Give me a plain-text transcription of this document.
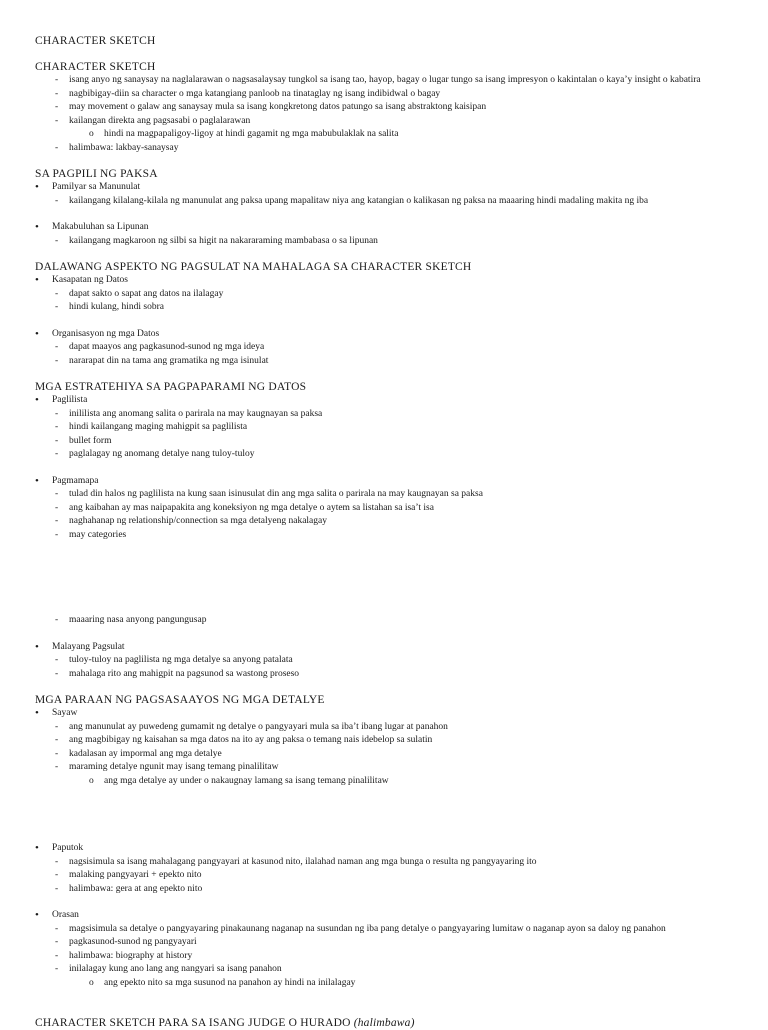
CHARACTER SKETCH
CHARACTER SKETCH
- isang anyo ng sanaysay na naglalarawan o nagsasalaysay tungkol sa isang tao, hayop, bagay o lugar tungo sa isang impresyon o kakintalan o kaya’y insight o kabatira
- nagbibigay-diin sa character o mga katangiang panloob na tinataglay ng isang indibidwal o bagay
- may movement o galaw ang sanaysay mula sa isang kongkretong datos patungo sa isang abstraktong kaisipan
- kailangan direkta ang pagsasabi o paglalarawan
o hindi na magpapaligoy-ligoy at hindi gagamit ng mga mabubulaklak na salita
- halimbawa: lakbay-sanaysay
SA PAGPILI NG PAKSA
• Pamilyar sa Manunulat
- kailangang kilalang-kilala ng manunulat ang paksa upang mapalitaw niya ang katangian o kalikasan ng paksa na maaaring hindi madaling makita ng iba
• Makabuluhan sa Lipunan
- kailangang magkaroon ng silbi sa higit na nakararaming mambabasa o sa lipunan
DALAWANG ASPEKTO NG PAGSULAT NA MAHALAGA SA CHARACTER SKETCH
• Kasapatan ng Datos
- dapat sakto o sapat ang datos na ilalagay
- hindi kulang, hindi sobra
• Organisasyon ng mga Datos
- dapat maayos ang pagkasunod-sunod ng mga ideya
- nararapat din na tama ang gramatika ng mga isinulat
MGA ESTRATEHIYA SA PAGPAPARAMI NG DATOS
• Paglilista
- inililista ang anomang salita o parirala na may kaugnayan sa paksa
- hindi kailangang maging mahigpit sa paglilista
- bullet form
- paglalagay ng anomang detalye nang tuloy-tuloy
• Pagmamapa
- tulad din halos ng paglilista na kung saan isinusulat din ang mga salita o parirala na may kaugnayan sa paksa
- ang kaibahan ay mas naipapakita ang koneksiyon ng mga detalye o aytem sa listahan sa isa’t isa
- naghahanap ng relationship/connection sa mga detalyeng nakalagay
- may categories
- maaaring nasa anyong pangungusap
• Malayang Pagsulat
- tuloy-tuloy na paglilista ng mga detalye sa anyong patalata
- mahalaga rito ang mahigpit na pagsunod sa wastong proseso
MGA PARAAN NG PAGSASAAYOS NG MGA DETALYE
• Sayaw
- ang manunulat ay puwedeng gumamit ng detalye o pangyayari mula sa iba’t ibang lugar at panahon
- ang magbibigay ng kaisahan sa mga datos na ito ay ang paksa o temang nais idebelop sa sulatin
- kadalasan ay impormal ang mga detalye
- maraming detalye ngunit may isang temang pinalilitaw
o ang mga detalye ay under o nakaugnay lamang sa isang temang pinalilitaw
• Paputok
- nagsisimula sa isang mahalagang pangyayari at kasunod nito, ilalahad naman ang mga bunga o resulta ng pangyayaring ito
- malaking pangyayari + epekto nito
- halimbawa: gera at ang epekto nito
• Orasan
- magsisimula sa detalye o pangyayaring pinakaunang naganap na susundan ng iba pang detalye o pangyayaring lumitaw o naganap ayon sa daloy ng panahon
- pagkasunod-sunod ng pangyayari
- halimbawa: biography at history
- inilalagay kung ano lang ang nangyari sa isang panahon
o ang epekto nito sa mga susunod na panahon ay hindi na inilalagay
CHARACTER SKETCH PARA SA ISANG JUDGE O HURADO (halimbawa)
